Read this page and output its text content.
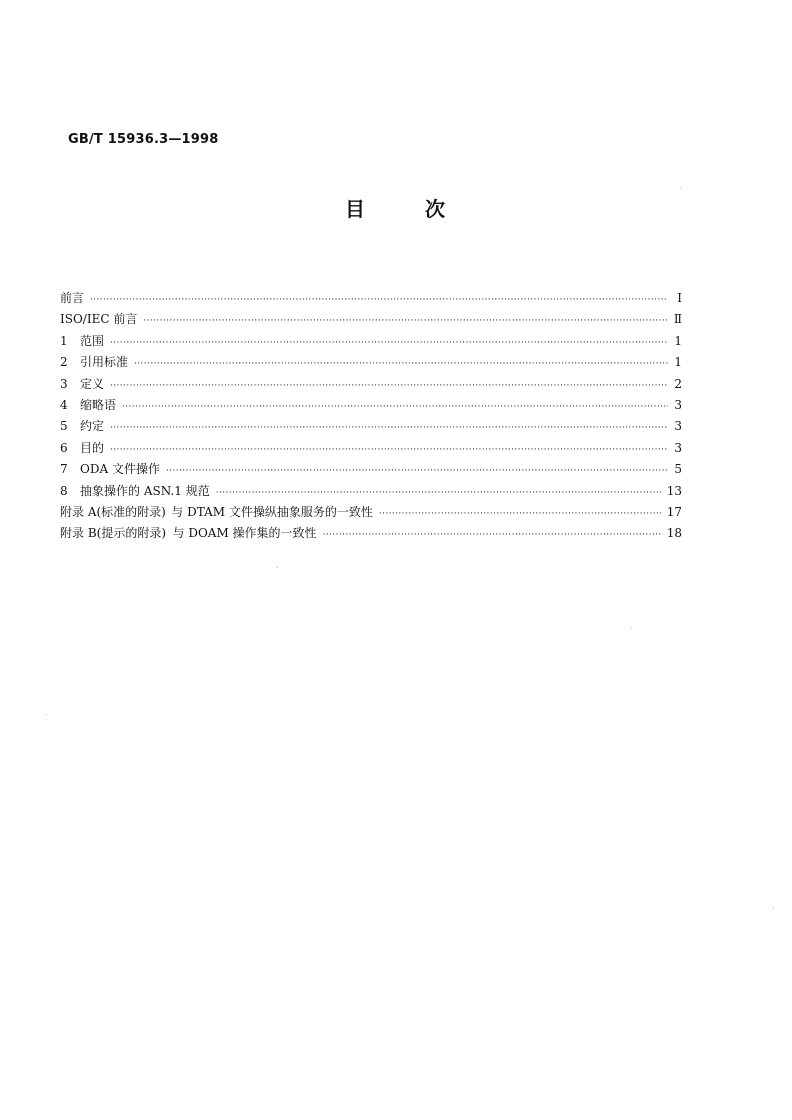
GB/T 15936.3—1998
目	次
前言 ·····	Ⅰ
ISO/IEC 前言 ·····	Ⅱ
1	范围 ·····	1
2	引用标准 ·····	1
3	定义 ·····	2
4	缩略语 ·····	3
5	约定 ·····	3
6	目的 ·····	3
7	ODA 文件操作 ·····	5
8	抽象操作的 ASN.1 规范 ·····	13
附录 A(标准的附录) 与 DTAM 文件操纵抽象服务的一致性 ·····	17
附录 B(提示的附录) 与 DOAM 操作集的一致性 ·····	18
